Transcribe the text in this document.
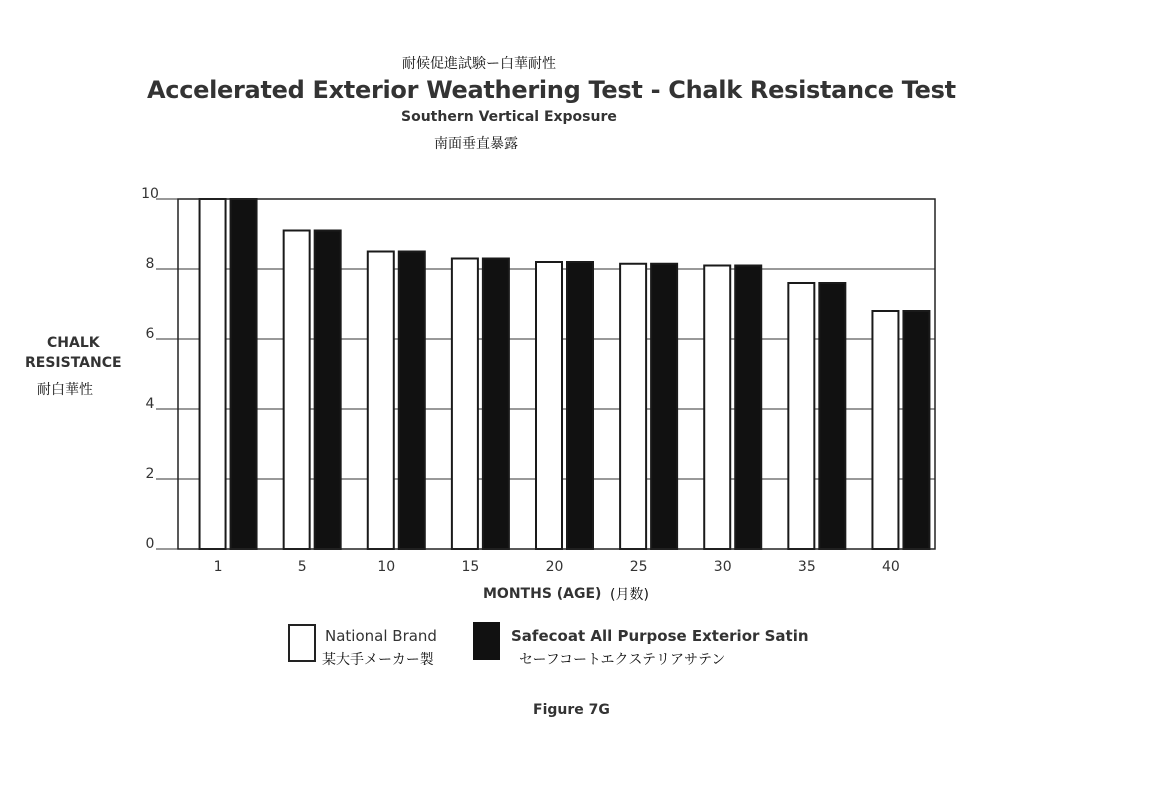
耐候促進試験ー白華耐性
Accelerated Exterior Weathering Test - Chalk Resistance Test
Southern Vertical Exposure
南面垂直暴露
CHALK
RESISTANCE
耐白華性
0
2
4
6
8
10
1	5	10	15	20	25	30	35	40
MONTHS (AGE) (月数)
National Brand
某大手メーカー製
Safecoat All Purpose Exterior Satin
セーフコートエクステリアサテン
Figure 7G
